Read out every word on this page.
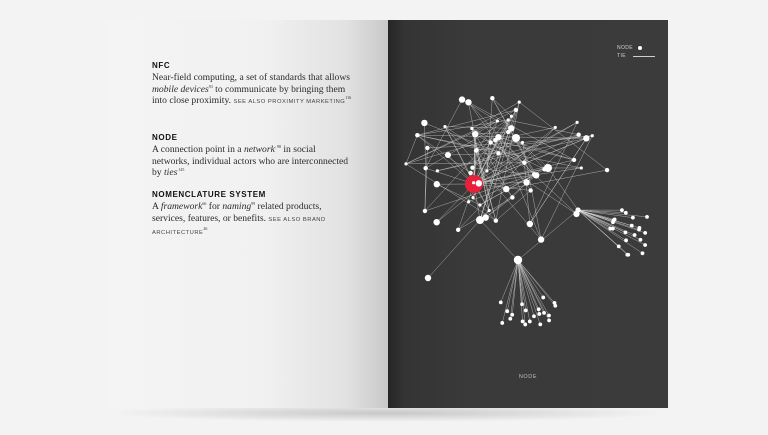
NFC
Near-field computing, a set of standards that allows mobile devices$^{93}$ to communicate by bringing them into close proximity. SEE ALSO PROXIMITY MARKETING$^{116}$
NODE
A connection point in a network$^{; 98}$ in social networks, individual actors who are interconnected by ties$^{.145}$
NOMENCLATURE SYSTEM
A framework$^{66}$ for naming$^{99}$ related products, services, features, or benefits. SEE ALSO BRAND ARCHITECTURE$^{26}$
NODE
TIE
NODE
